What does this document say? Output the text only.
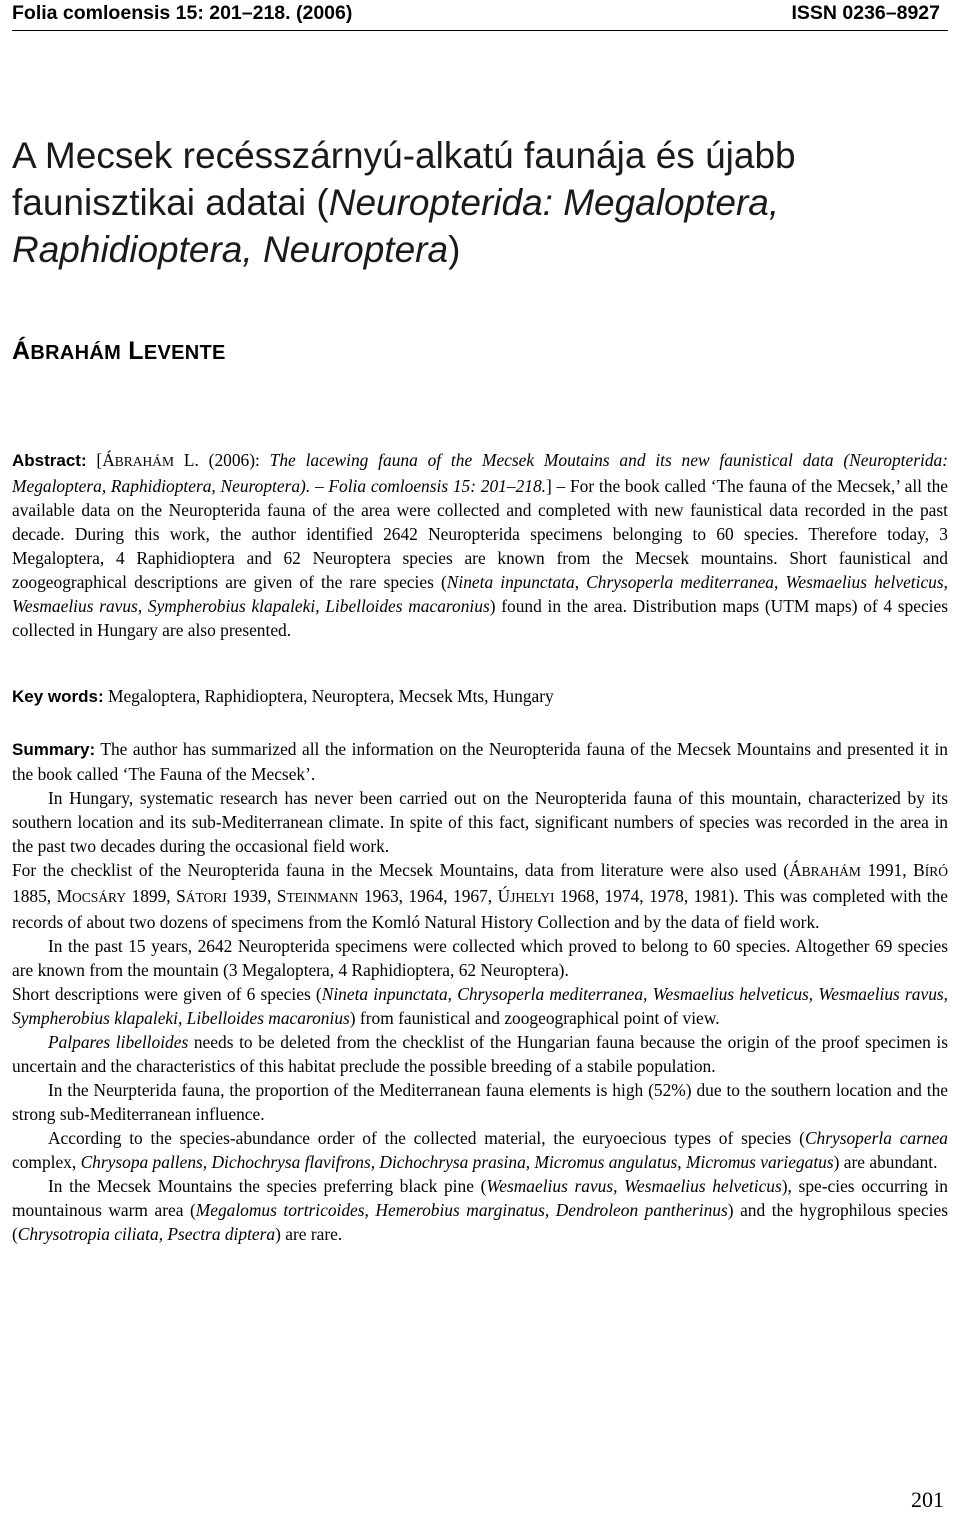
Folia comloensis 15: 201–218. (2006)	ISSN 0236–8927
A Mecsek recésszárnyú-alkatú faunája és újabb
faunisztikai adatai (Neuropterida: Megaloptera,
Raphidioptera, Neuroptera)
ÁBRAHÁM LEVENTE

Abstract: [ÁBRAHÁM L. (2006): The lacewing fauna of the Mecsek Moutains and its new faunistical data (Neuropterida: Megaloptera, Raphidioptera, Neuroptera). – Folia comloensis 15: 201–218.] – For the book called ‘The fauna of the Mecsek,’ all the available data on the Neuropterida fauna of the area were collected and completed with new faunistical data recorded in the past decade. During this work, the author identified 2642 Neuropterida specimens belonging to 60 species. Therefore today, 3 Megaloptera, 4 Raphidioptera and 62 Neuroptera species are known from the Mecsek mountains. Short faunistical and zoogeographical descriptions are given of the rare species (Nineta inpunctata, Chrysoperla mediterranea, Wesmaelius helveticus, Wesmaelius ravus, Sympherobius klapaleki, Libelloides macaronius) found in the area. Distribution maps (UTM maps) of 4 species collected in Hungary are also presented.

Key words: Megaloptera, Raphidioptera, Neuroptera, Mecsek Mts, Hungary

Summary: The author has summarized all the information on the Neuropterida fauna of the Mecsek Mountains and presented it in the book called ‘The Fauna of the Mecsek’.

In Hungary, systematic research has never been carried out on the Neuropterida fauna of this mountain, characterized by its southern location and its sub-Mediterranean climate. In spite of this fact, significant numbers of species was recorded in the area in the past two decades during the occasional field work.

For the checklist of the Neuropterida fauna in the Mecsek Mountains, data from literature were also used (ÁBRAHÁM 1991, BÍRÓ 1885, MOCSÁRY 1899, SÁTORI 1939, STEINMANN 1963, 1964, 1967, ÚJHELYI 1968, 1974, 1978, 1981). This was completed with the records of about two dozens of specimens from the Komló Natural History Collection and by the data of field work.

In the past 15 years, 2642 Neuropterida specimens were collected which proved to belong to 60 species. Altogether 69 species are known from the mountain (3 Megaloptera, 4 Raphidioptera, 62 Neuroptera).

Short descriptions were given of 6 species (Nineta inpunctata, Chrysoperla mediterranea, Wesmaelius helveticus, Wesmaelius ravus, Sympherobius klapaleki, Libelloides macaronius) from faunistical and zoogeographical point of view.

Palpares libelloides needs to be deleted from the checklist of the Hungarian fauna because the origin of the proof specimen is uncertain and the characteristics of this habitat preclude the possible breeding of a stabile population.

In the Neurpterida fauna, the proportion of the Mediterranean fauna elements is high (52%) due to the southern location and the strong sub-Mediterranean influence.

According to the species-abundance order of the collected material, the euryoecious types of species (Chrysoperla carnea complex, Chrysopa pallens, Dichochrysa flavifrons, Dichochrysa prasina, Micromus angulatus, Micromus variegatus) are abundant.

In the Mecsek Mountains the species preferring black pine (Wesmaelius ravus, Wesmaelius helveticus), spe-cies occurring in mountainous warm area (Megalomus tortricoides, Hemerobius marginatus, Dendroleon pantherinus) and the hygrophilous species (Chrysotropia ciliata, Psectra diptera) are rare.

201
